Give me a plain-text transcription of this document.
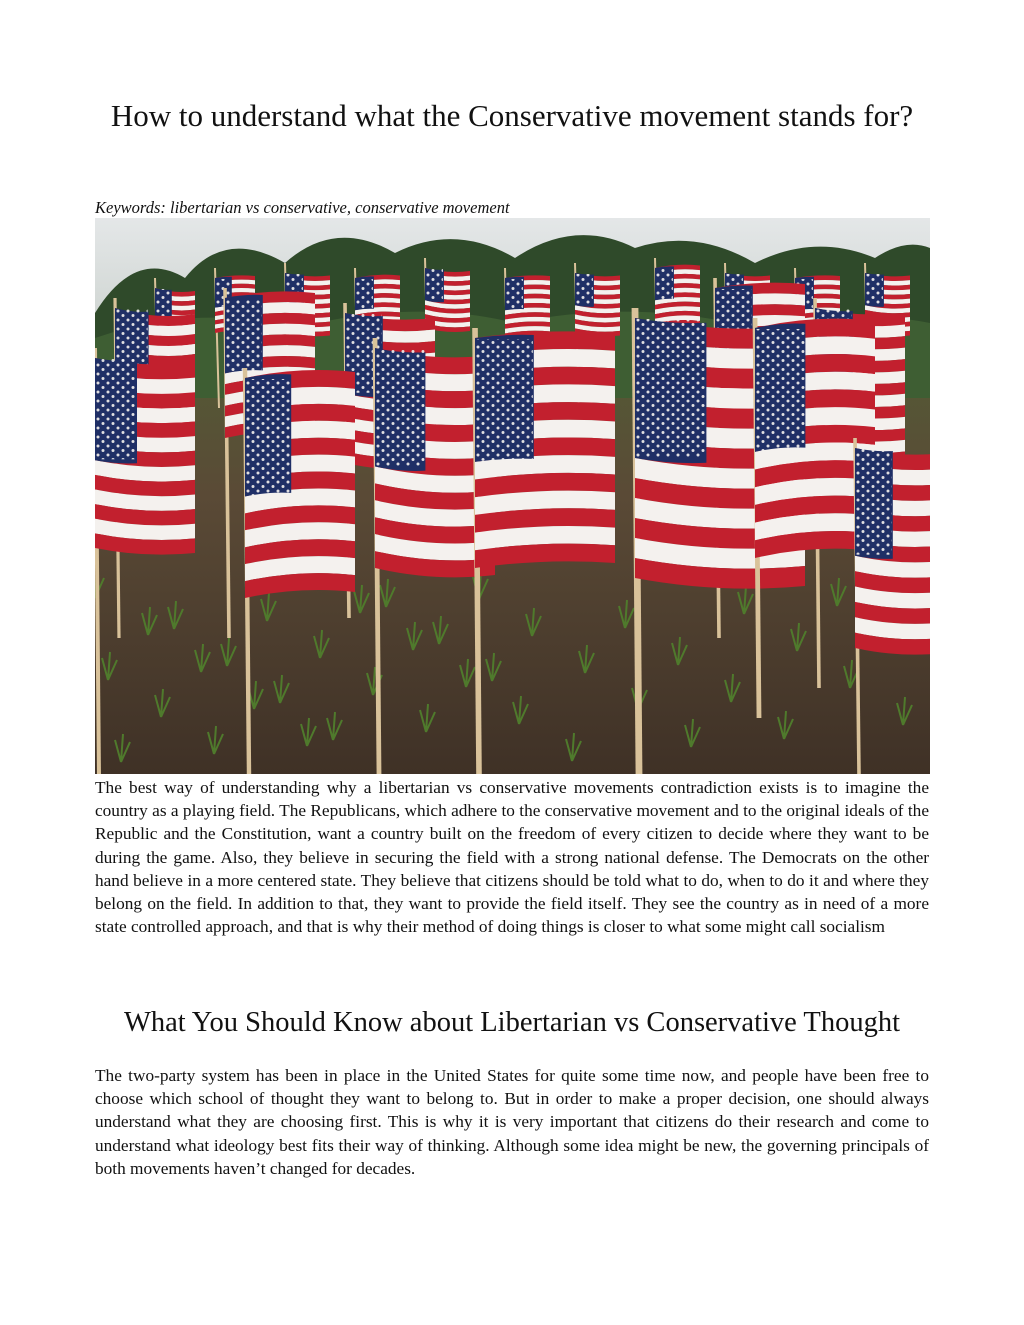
How to understand what the Conservative movement stands for?

Keywords: libertarian vs conservative, conservative movement

The best way of understanding why a libertarian vs conservative movements contradiction exists is to imagine the country as a playing field. The Republicans, which adhere to the conservative movement and to the original ideals of the Republic and the Constitution, want a country built on the freedom of every citizen to decide where they want to be during the game. Also, they believe in securing the field with a strong national defense. The Democrats on the other hand believe in a more centered state. They believe that citizens should be told what to do, when to do it and where they belong on the field. In addition to that, they want to provide the field itself. They see the country as in need of a more state controlled approach, and that is why their method of doing things is closer to what some might call socialism

What You Should Know about Libertarian vs Conservative Thought

The two-party system has been in place in the United States for quite some time now, and people have been free to choose which school of thought they want to belong to. But in order to make a proper decision, one should always understand what they are choosing first. This is why it is very important that citizens do their research and come to understand what ideology best fits their way of thinking. Although some idea might be new, the governing principals of both movements haven’t changed for decades.
